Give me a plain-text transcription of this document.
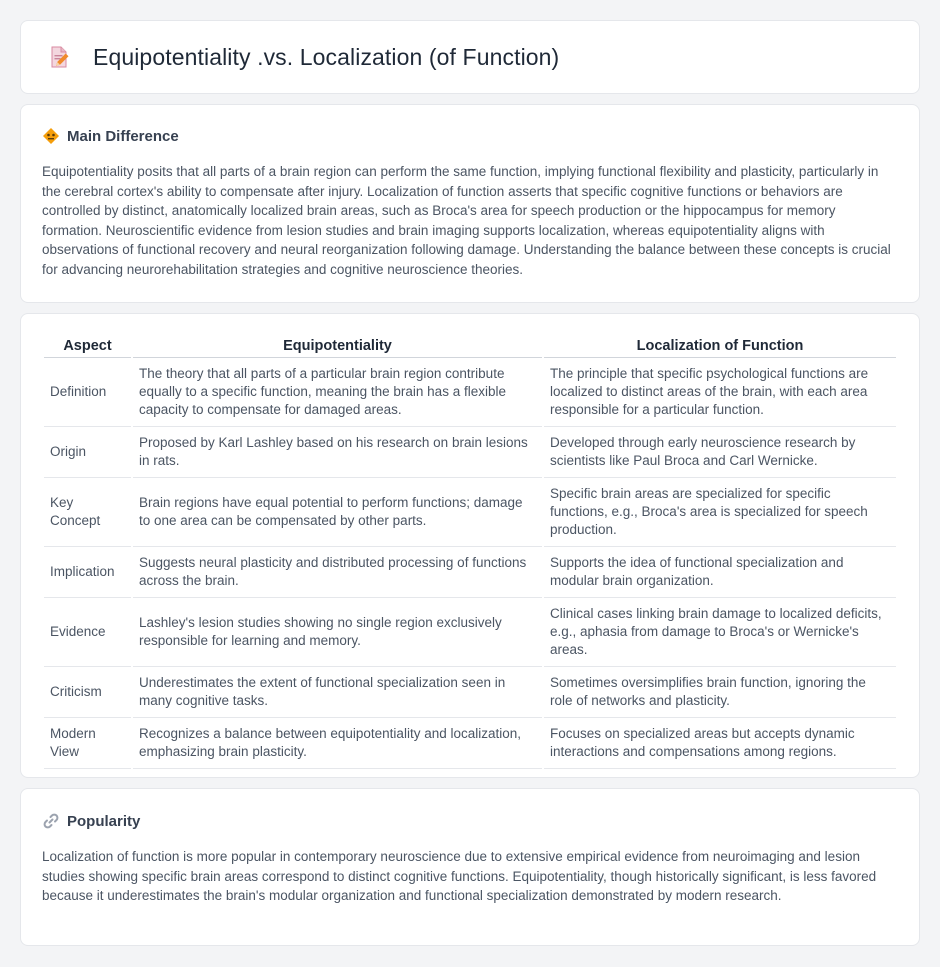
Equipotentiality .vs. Localization (of Function)
Main Difference

Equipotentiality posits that all parts of a brain region can perform the same function, implying functional flexibility and plasticity, particularly in the cerebral cortex's ability to compensate after injury. Localization of function asserts that specific cognitive functions or behaviors are controlled by distinct, anatomically localized brain areas, such as Broca's area for speech production or the hippocampus for memory formation. Neuroscientific evidence from lesion studies and brain imaging supports localization, whereas equipotentiality aligns with observations of functional recovery and neural reorganization following damage. Understanding the balance between these concepts is crucial for advancing neurorehabilitation strategies and cognitive neuroscience theories.

Aspect	Equipotentiality	Localization of Function
Definition	The theory that all parts of a particular brain region contribute equally to a specific function, meaning the brain has a flexible capacity to compensate for damaged areas.	The principle that specific psychological functions are localized to distinct areas of the brain, with each area responsible for a particular function.
Origin	Proposed by Karl Lashley based on his research on brain lesions in rats.	Developed through early neuroscience research by scientists like Paul Broca and Carl Wernicke.
Key Concept	Brain regions have equal potential to perform functions; damage to one area can be compensated by other parts.	Specific brain areas are specialized for specific functions, e.g., Broca's area is specialized for speech production.
Implication	Suggests neural plasticity and distributed processing of functions across the brain.	Supports the idea of functional specialization and modular brain organization.
Evidence	Lashley's lesion studies showing no single region exclusively responsible for learning and memory.	Clinical cases linking brain damage to localized deficits, e.g., aphasia from damage to Broca's or Wernicke's areas.
Criticism	Underestimates the extent of functional specialization seen in many cognitive tasks.	Sometimes oversimplifies brain function, ignoring the role of networks and plasticity.
Modern View	Recognizes a balance between equipotentiality and localization, emphasizing brain plasticity.	Focuses on specialized areas but accepts dynamic interactions and compensations among regions.
Popularity

Localization of function is more popular in contemporary neuroscience due to extensive empirical evidence from neuroimaging and lesion studies showing specific brain areas correspond to distinct cognitive functions. Equipotentiality, though historically significant, is less favored because it underestimates the brain's modular organization and functional specialization demonstrated by modern research.
